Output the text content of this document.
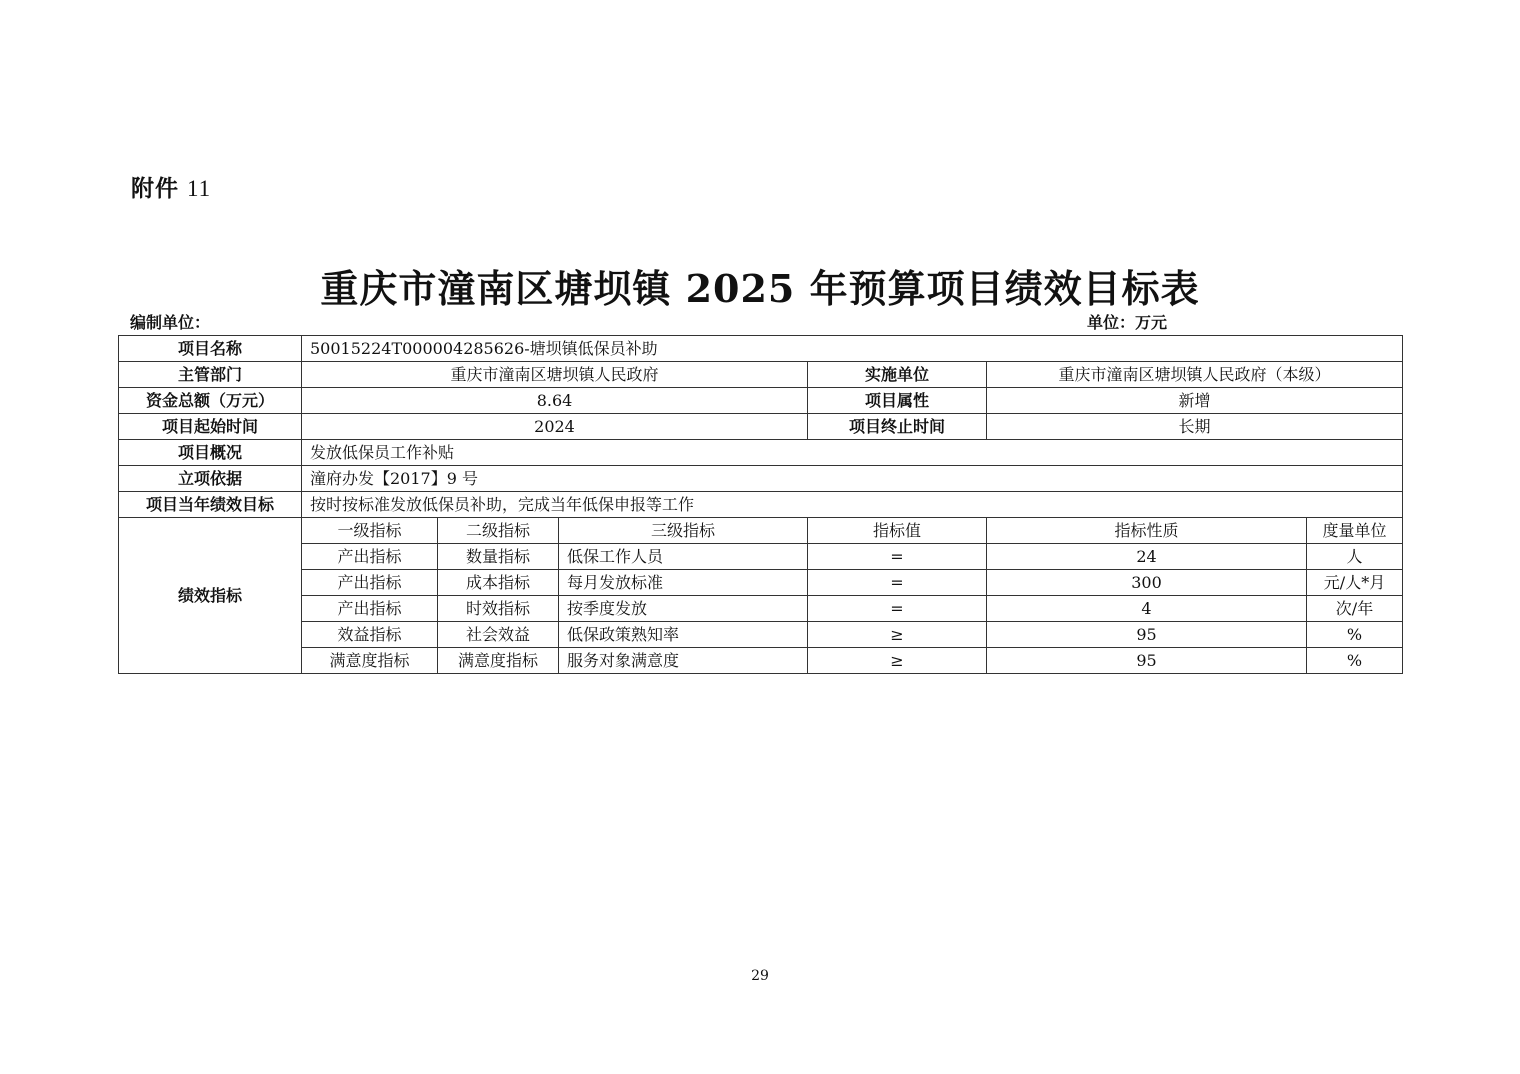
附件 11
重庆市潼南区塘坝镇 2025 年预算项目绩效目标表
编制单位：	单位：万元
项目名称	50015224T000004285626-塘坝镇低保员补助					
主管部门	重庆市潼南区塘坝镇人民政府			实施单位	重庆市潼南区塘坝镇人民政府（本级）	
资金总额（万元）	8.64			项目属性	新增	
项目起始时间	2024			项目终止时间	长期	
项目概况	发放低保员工作补贴					
立项依据	潼府办发【2017】9 号					
项目当年绩效目标	按时按标准发放低保员补助，完成当年低保申报等工作					
绩效指标	一级指标	二级指标	三级指标	指标值	指标性质	度量单位
	产出指标	数量指标	低保工作人员	=	24	人
	产出指标	成本指标	每月发放标准	=	300	元/人*月
	产出指标	时效指标	按季度发放	=	4	次/年
	效益指标	社会效益	低保政策熟知率	≥	95	%
	满意度指标	满意度指标	服务对象满意度	≥	95	%
29
